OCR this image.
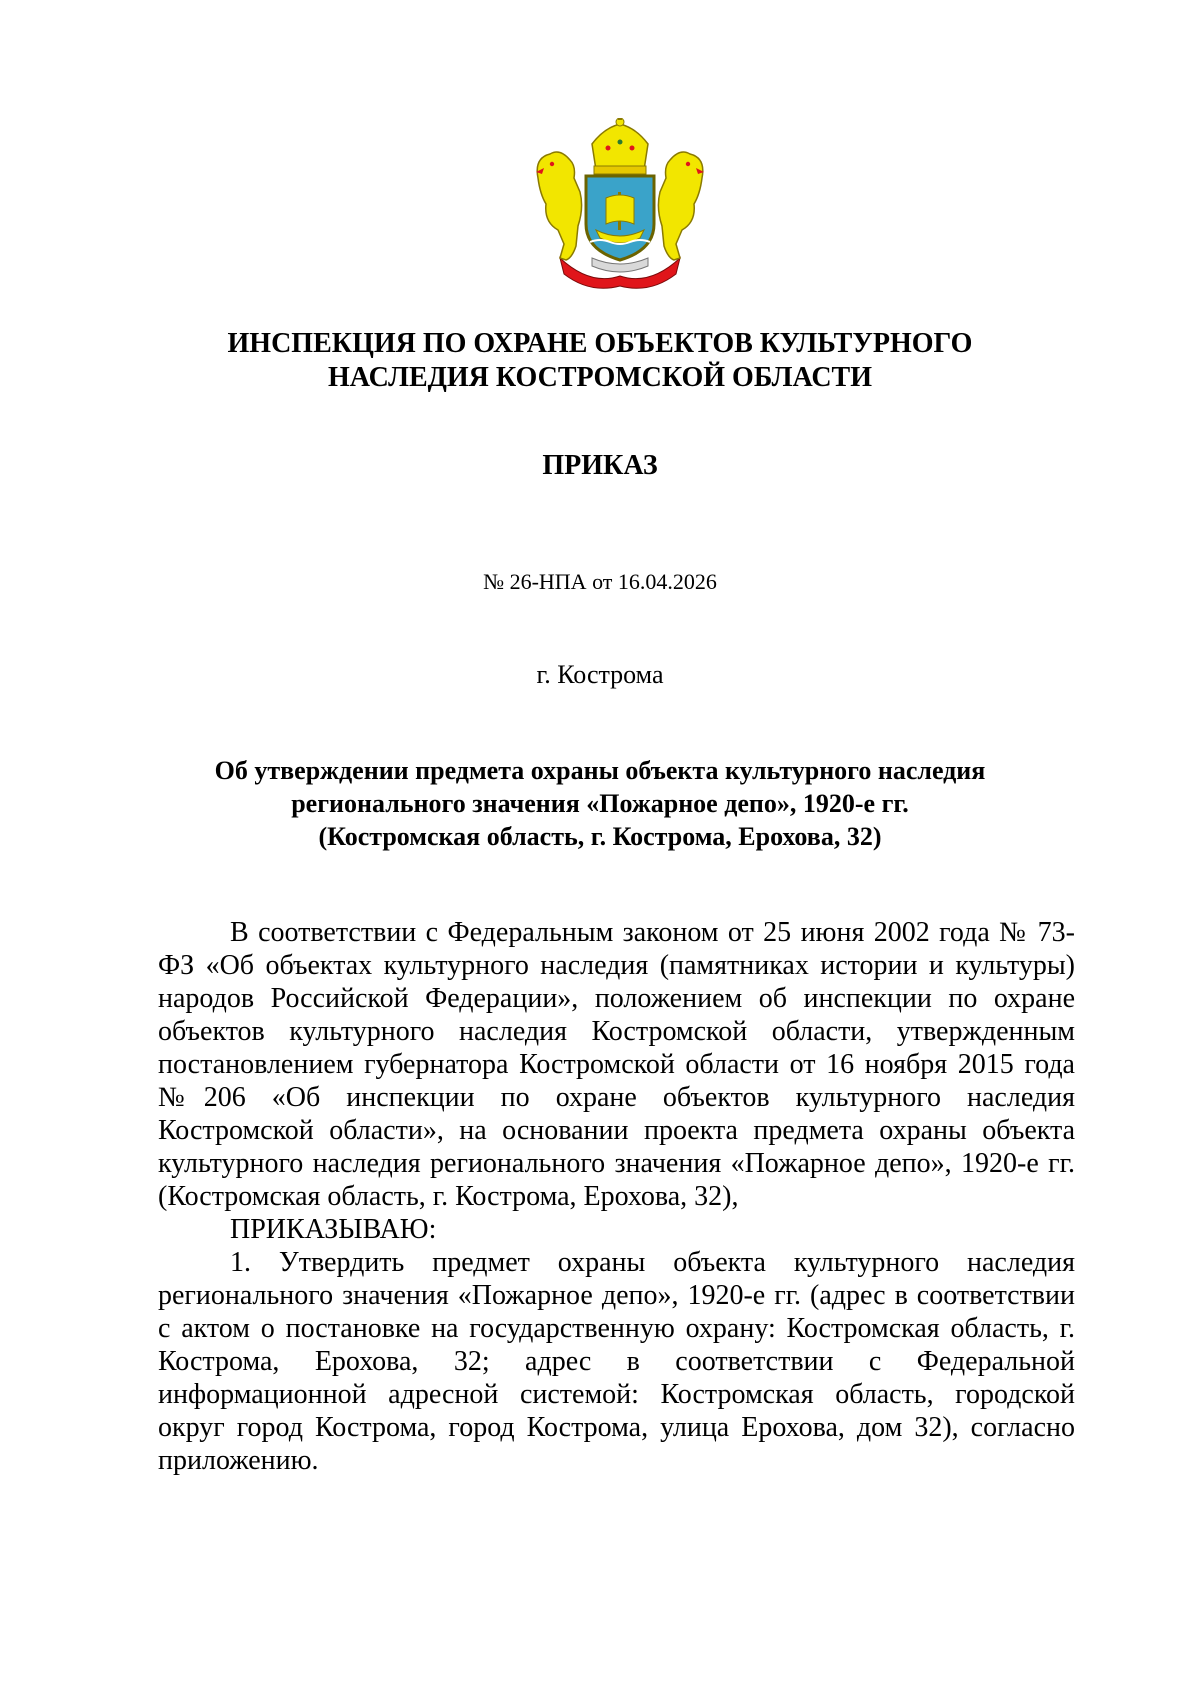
ИНСПЕКЦИЯ ПО ОХРАНЕ ОБЪЕКТОВ КУЛЬТУРНОГО
НАСЛЕДИЯ КОСТРОМСКОЙ ОБЛАСТИ
ПРИКАЗ
№ 26-НПА от 16.04.2026
г. Кострома
Об утверждении предмета охраны объекта культурного наследия
регионального значения «Пожарное депо», 1920-е гг.
(Костромская область, г. Кострома, Ерохова, 32)

В соответствии с Федеральным законом от 25 июня 2002 года № 73-ФЗ «Об объектах культурного наследия (памятниках истории и культуры) народов Российской Федерации», положением об инспекции по охране объектов культурного наследия Костромской области, утвержденным постановлением губернатора Костромской области от 16 ноября 2015 года №206 «Об инспекции по охране объектов культурного наследия Костромской области», на основании проекта предмета охраны объекта культурного наследия регионального значения «Пожарное депо», 1920-е гг. (Костромская область, г. Кострома, Ерохова, 32),

ПРИКАЗЫВАЮ:

1. Утвердить предмет охраны объекта культурного наследия регионального значения «Пожарное депо», 1920-е гг. (адрес в соответствии с актом о постановке на государственную охрану: Костромская область, г. Кострома, Ерохова, 32; адрес в соответствии с Федеральной информационной адресной системой: Костромская область, городской округ город Кострома, город Кострома, улица Ерохова, дом 32), согласно приложению.
